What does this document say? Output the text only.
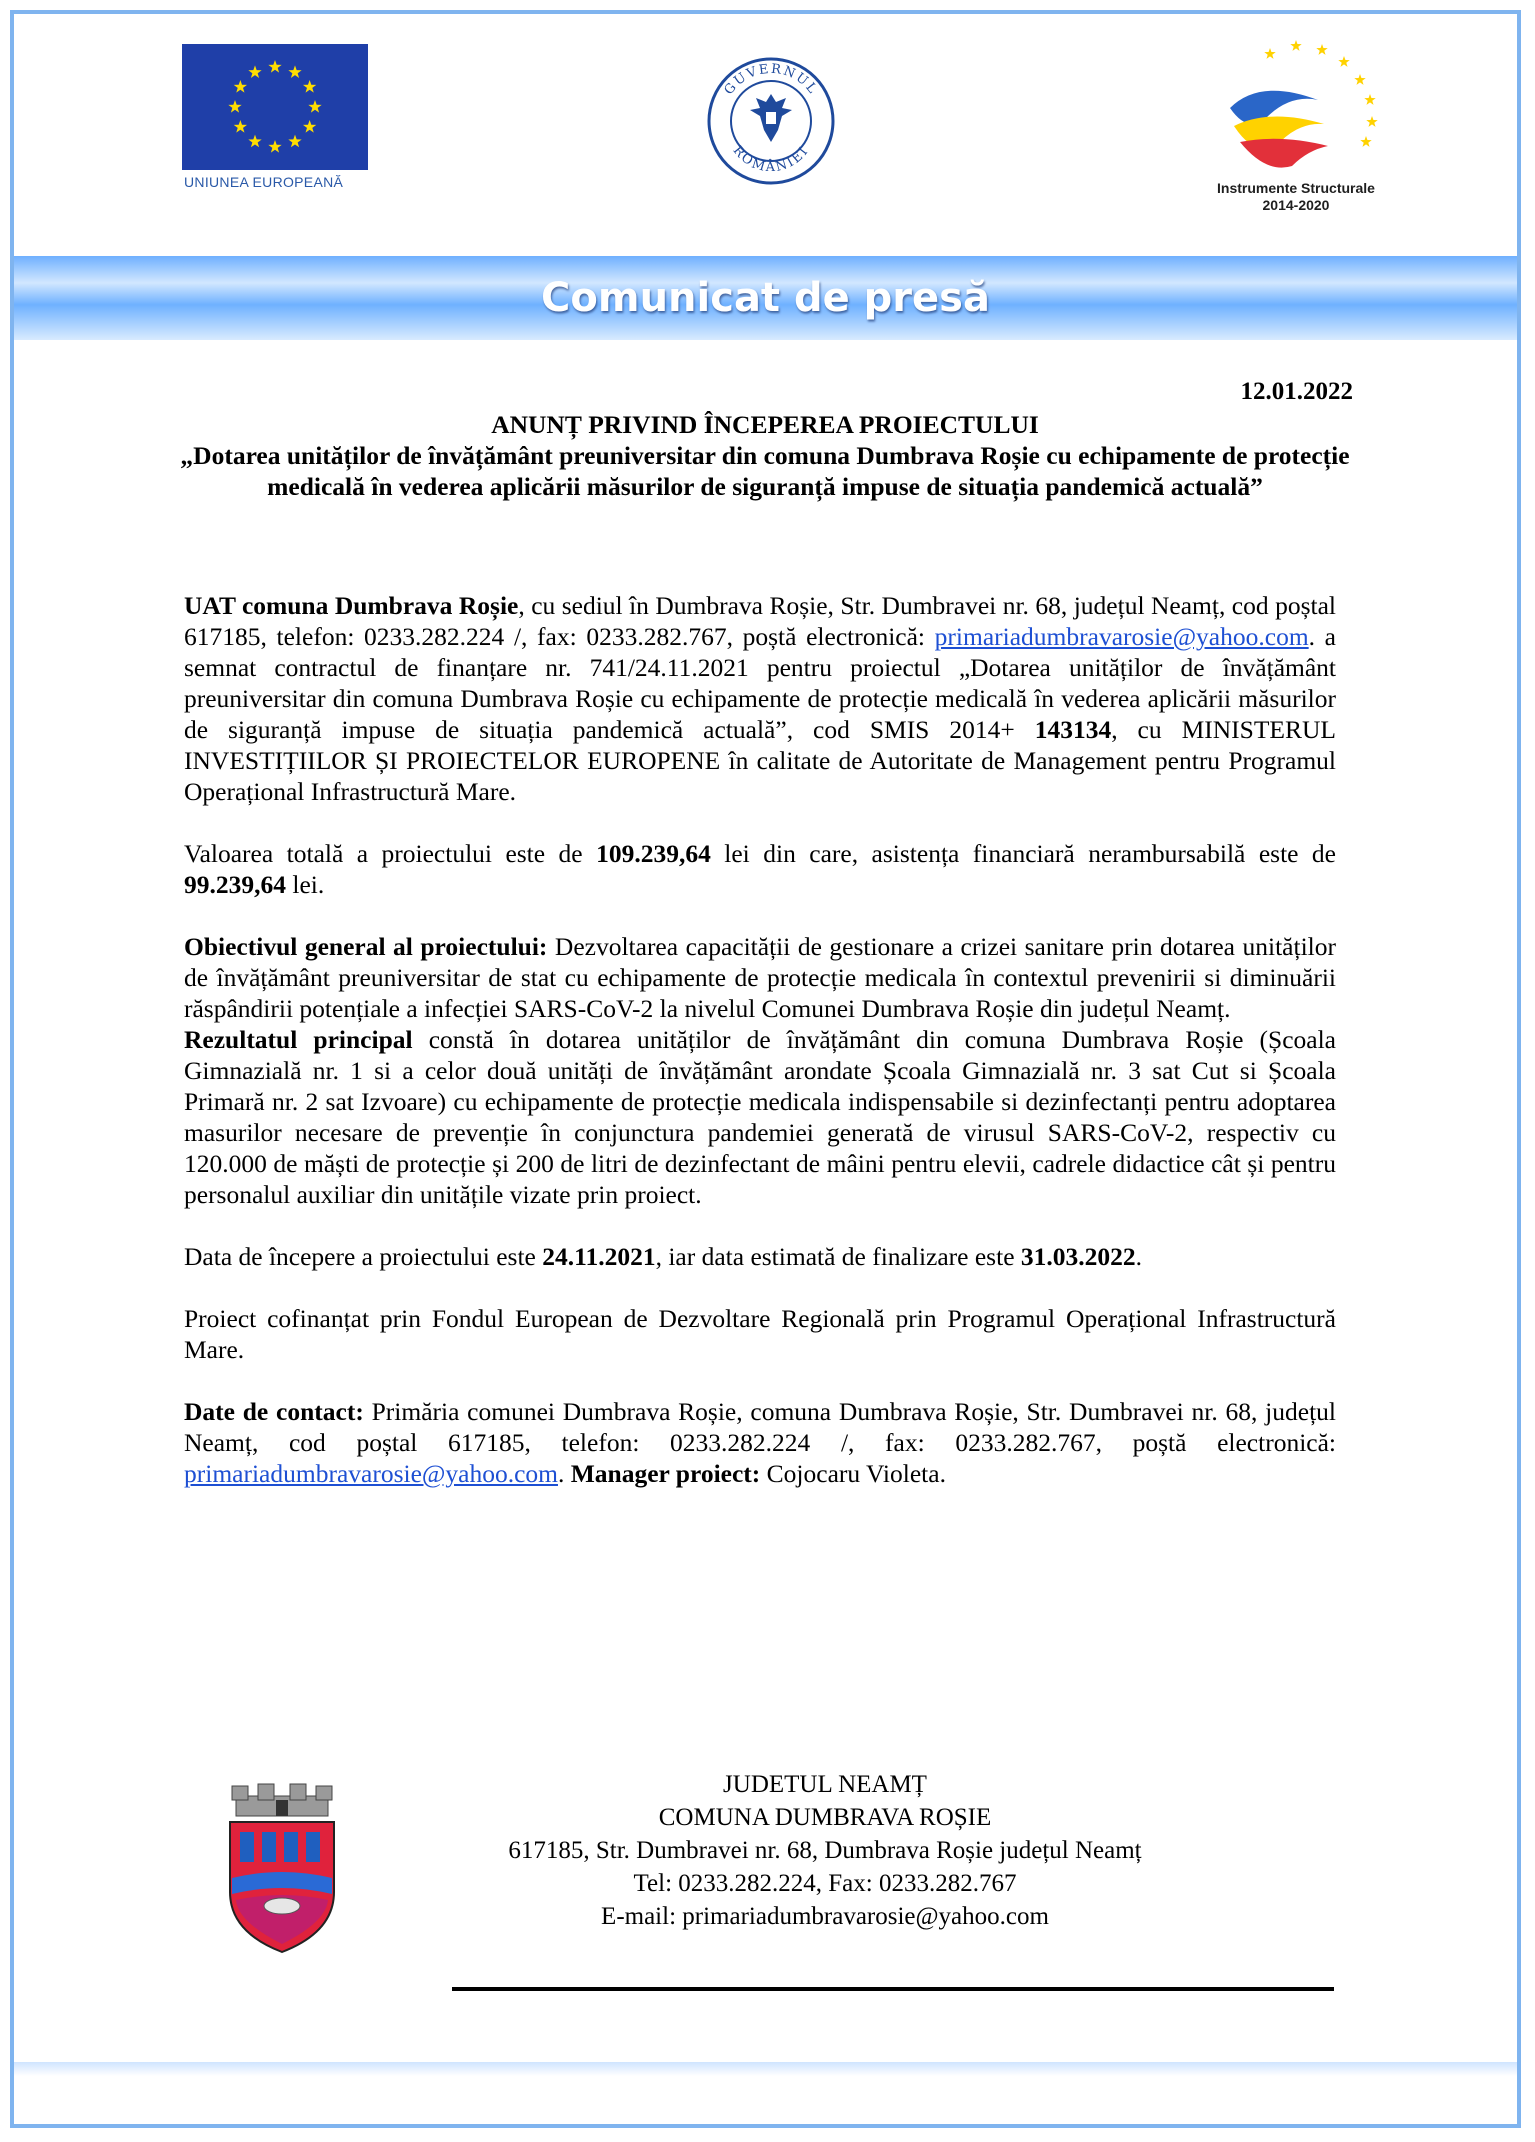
UNIUNEA EUROPEANĂ
GUVERNUL
ROMÂNIEI
Instrumente Structurale
2014-2020
Comunicat de presă
12.01.2022
ANUNȚ PRIVIND ÎNCEPEREA PROIECTULUI
„Dotarea unităților de învățământ preuniversitar din comuna Dumbrava Roșie cu echipamente de protecție medicală în vederea aplicării măsurilor de siguranță impuse de situația pandemică actuală”

UAT comuna Dumbrava Roșie, cu sediul în Dumbrava Roșie, Str. Dumbravei nr. 68, județul Neamț, cod poștal 617185, telefon: 0233.282.224 /, fax: 0233.282.767, poștă electronică: primariadumbravarosie@yahoo.com. a semnat contractul de finanțare nr. 741/24.11.2021 pentru proiectul „Dotarea unităților de învățământ preuniversitar din comuna Dumbrava Roșie cu echipamente de protecție medicală în vederea aplicării măsurilor de siguranță impuse de situația pandemică actuală”, cod SMIS 2014+ 143134, cu MINISTERUL INVESTIȚIILOR ȘI PROIECTELOR EUROPENE în calitate de Autoritate de Management pentru Programul Operațional Infrastructură Mare.

Valoarea totală a proiectului este de 109.239,64 lei din care, asistența financiară nerambursabilă este de 99.239,64 lei.

Obiectivul general al proiectului: Dezvoltarea capacității de gestionare a crizei sanitare prin dotarea unităților de învățământ preuniversitar de stat cu echipamente de protecție medicala în contextul prevenirii si diminuării răspândirii potențiale a infecției SARS-CoV-2 la nivelul Comunei Dumbrava Roșie din județul Neamț.

Rezultatul principal constă în dotarea unităților de învățământ din comuna Dumbrava Roșie (Școala Gimnazială nr. 1 si a celor două unități de învățământ arondate Școala Gimnazială nr. 3 sat Cut si Școala Primară nr. 2 sat Izvoare) cu echipamente de protecție medicala indispensabile si dezinfectanți pentru adoptarea masurilor necesare de prevenție în conjunctura pandemiei generată de virusul SARS-CoV-2, respectiv cu 120.000 de măști de protecție și 200 de litri de dezinfectant de mâini pentru elevii, cadrele didactice cât și pentru personalul auxiliar din unitățile vizate prin proiect.

Data de începere a proiectului este 24.11.2021, iar data estimată de finalizare este 31.03.2022.

Proiect cofinanțat prin Fondul European de Dezvoltare Regională prin Programul Operațional Infrastructură Mare.

Date de contact: Primăria comunei Dumbrava Roșie, comuna Dumbrava Roșie, Str. Dumbravei nr. 68, județul Neamț, cod poștal 617185, telefon: 0233.282.224 /, fax: 0233.282.767, poștă electronică: primariadumbravarosie@yahoo.com. Manager proiect: Cojocaru Violeta.

JUDETUL NEAMȚ
COMUNA DUMBRAVA ROȘIE
617185, Str. Dumbravei nr. 68, Dumbrava Roșie județul Neamț
Tel: 0233.282.224, Fax: 0233.282.767
E-mail: primariadumbravarosie@yahoo.com
